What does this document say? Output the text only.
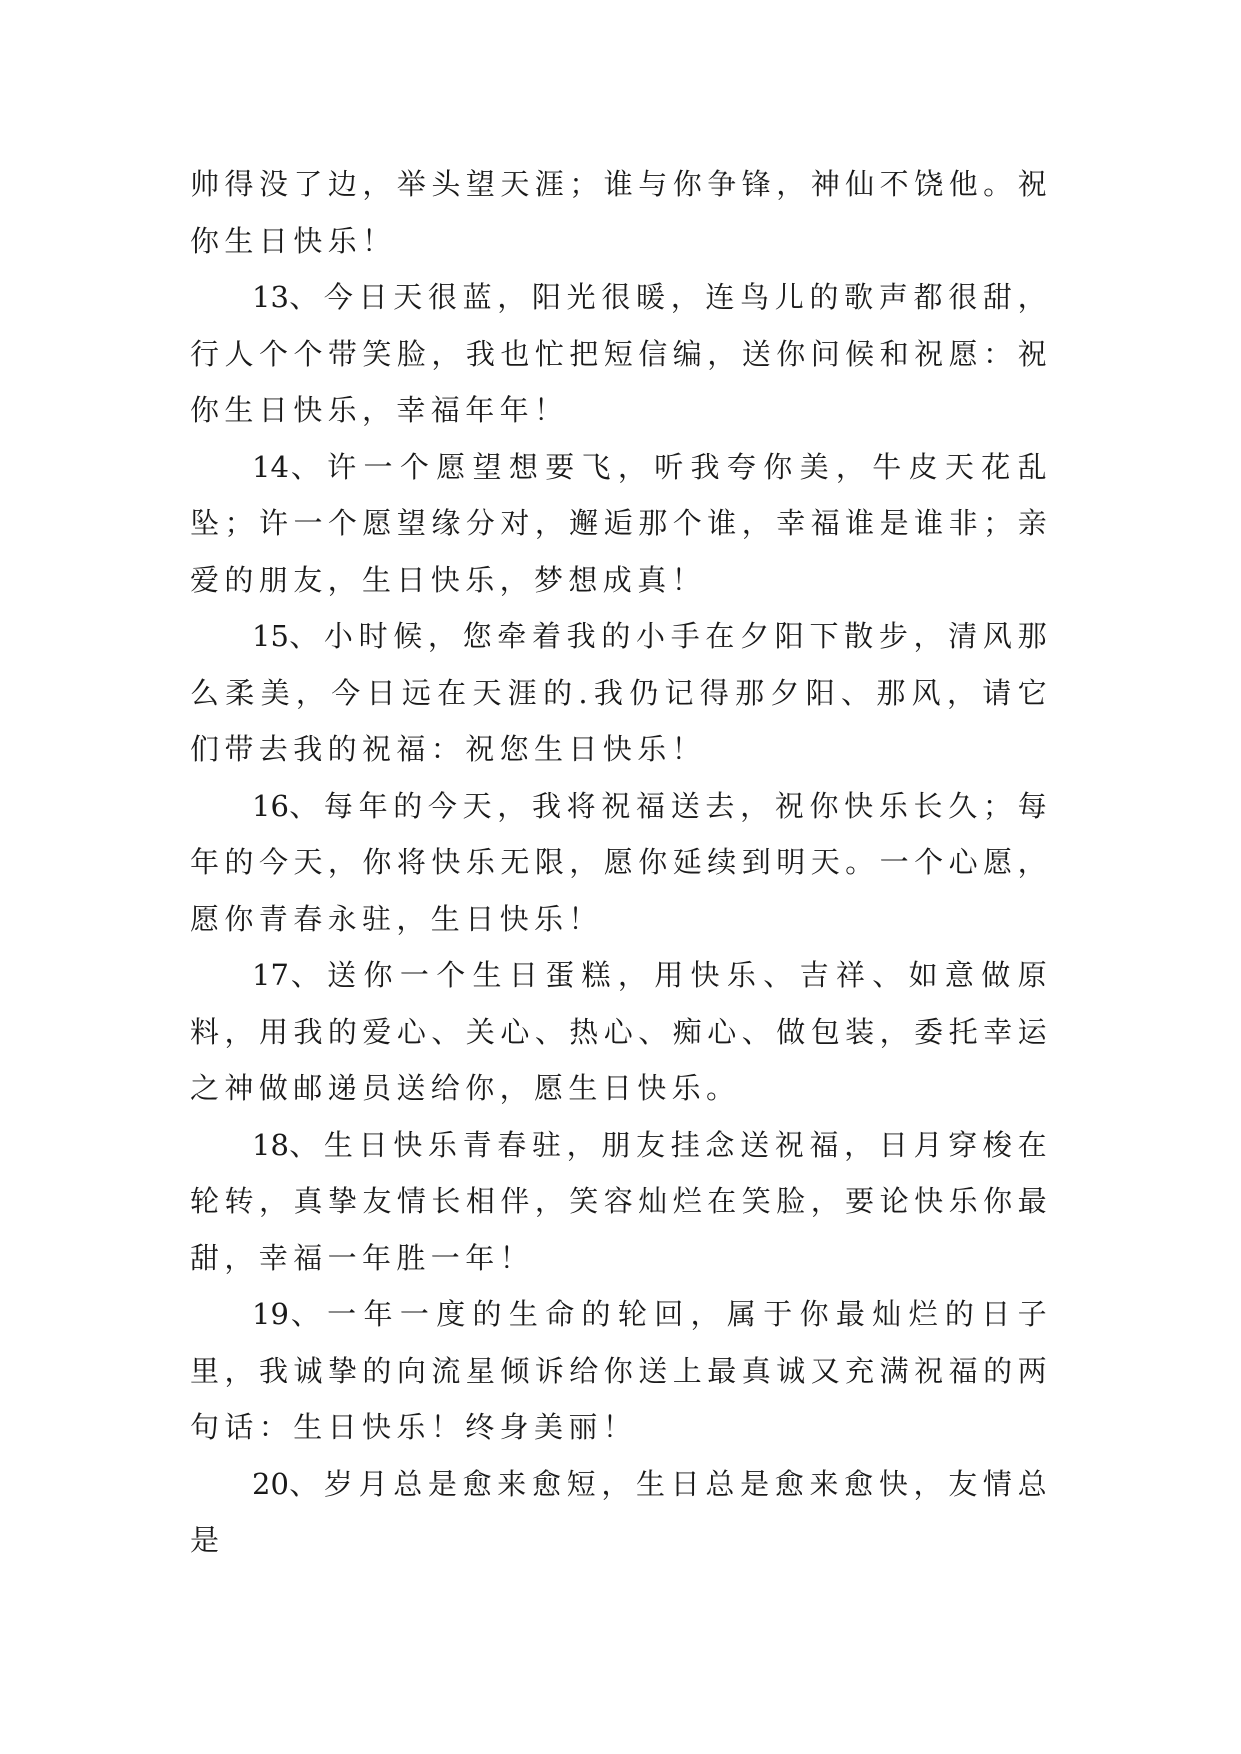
帅得没了边，举头望天涯；谁与你争锋，神仙不饶他。祝你生日快乐！

13、今日天很蓝，阳光很暖，连鸟儿的歌声都很甜，行人个个带笑脸，我也忙把短信编，送你问候和祝愿：祝你生日快乐，幸福年年！

14、许一个愿望想要飞，听我夸你美，牛皮天花乱坠；许一个愿望缘分对，邂逅那个谁，幸福谁是谁非；亲爱的朋友，生日快乐，梦想成真！

15、小时候，您牵着我的小手在夕阳下散步，清风那么柔美，今日远在天涯的.我仍记得那夕阳、那风，请它们带去我的祝福：祝您生日快乐！

16、每年的今天，我将祝福送去，祝你快乐长久；每年的今天，你将快乐无限，愿你延续到明天。一个心愿，愿你青春永驻，生日快乐！

17、送你一个生日蛋糕，用快乐、吉祥、如意做原料，用我的爱心、关心、热心、痴心、做包装，委托幸运之神做邮递员送给你，愿生日快乐。

18、生日快乐青春驻，朋友挂念送祝福，日月穿梭在轮转，真挚友情长相伴，笑容灿烂在笑脸，要论快乐你最甜，幸福一年胜一年！

19、一年一度的生命的轮回，属于你最灿烂的日子里，我诚挚的向流星倾诉给你送上最真诚又充满祝福的两句话：生日快乐！终身美丽！

20、岁月总是愈来愈短，生日总是愈来愈快，友情总是
